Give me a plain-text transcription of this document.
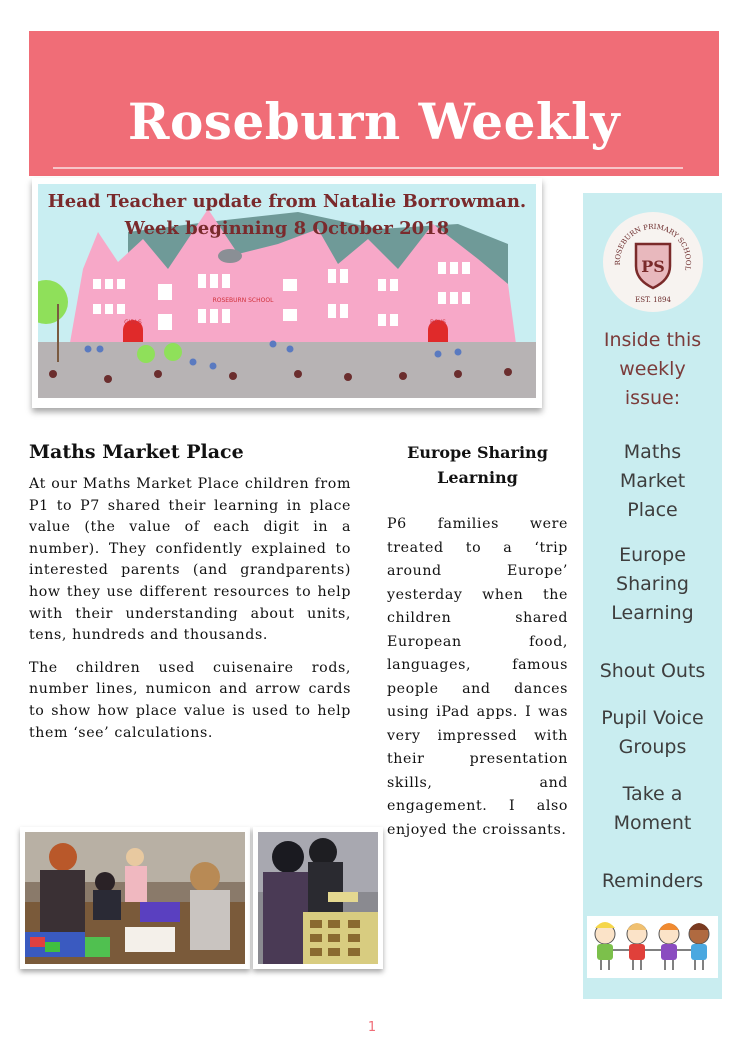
Roseburn Weekly
Head Teacher update from Natalie Borrowman.
Week beginning 8 October 2018
ROSEBURN SCHOOL
GIRLS	BOYS
ROSEBURN PRIMARY SCHOOL
PS
EST. 1894
Inside this
weekly
issue:
Maths
Market
Place
Europe
Sharing
Learning
Shout Outs
Pupil Voice
Groups
Take a
Moment
Reminders
Maths Market Place

At our Maths Market Place children from P1 to P7 shared their learning in place value (the value of each digit in a number). They confidently explained to interested parents (and grandparents) how they use different resources to help with their understanding about units, tens, hundreds and thousands.

The children used cuisenaire rods, number lines, numicon and arrow cards to show how place value is used to help them ‘see’ calculations.

Europe Sharing
Learning

P6 families were treated to a ‘trip around Europe’ yesterday when the children shared European food, languages, famous people and dances using iPad apps. I was very impressed with their presentation skills, and engagement. I also enjoyed the croissants.

1
